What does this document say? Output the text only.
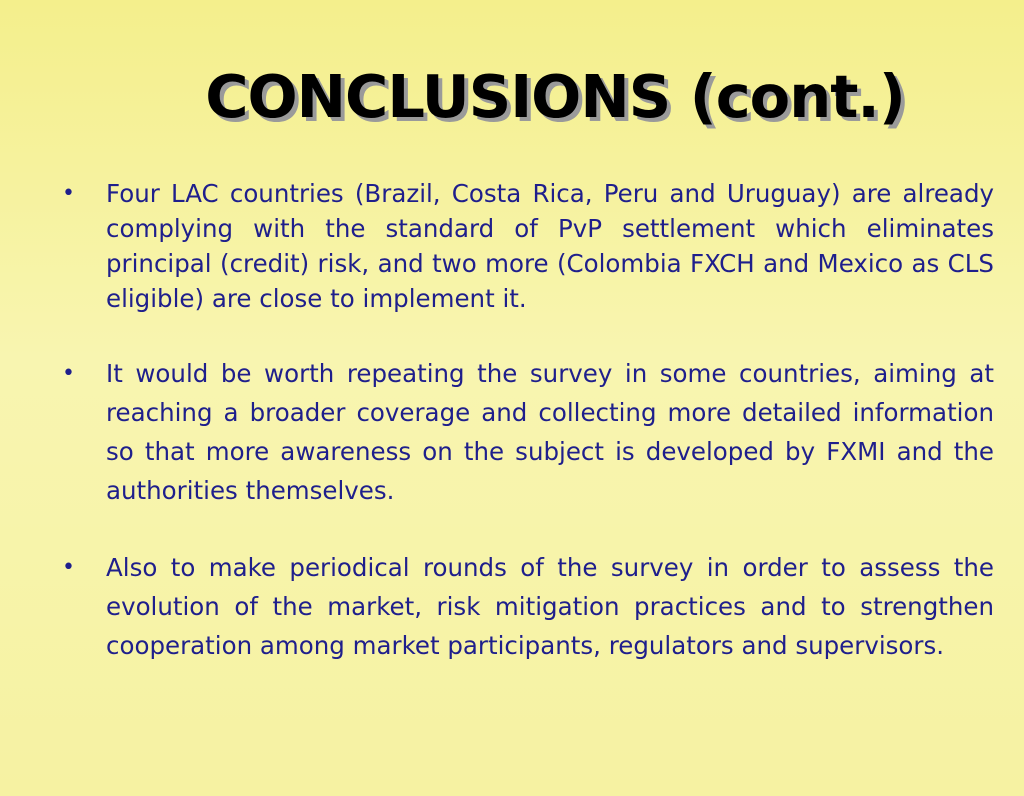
CONCLUSIONS (cont.)
• Four LAC countries (Brazil, Costa Rica, Peru and Uruguay) are already complying with the standard of PvP settlement which eliminates principal (credit) risk, and two more (Colombia FXCH and Mexico as CLS eligible) are close to implement it.
• It would be worth repeating the survey in some countries, aiming at reaching a broader coverage and collecting more detailed information so that more awareness on the subject is developed by FXMI and the authorities themselves.
• Also to make periodical rounds of the survey in order to assess the evolution of the market, risk mitigation practices and to strengthen cooperation among market participants, regulators and supervisors.
